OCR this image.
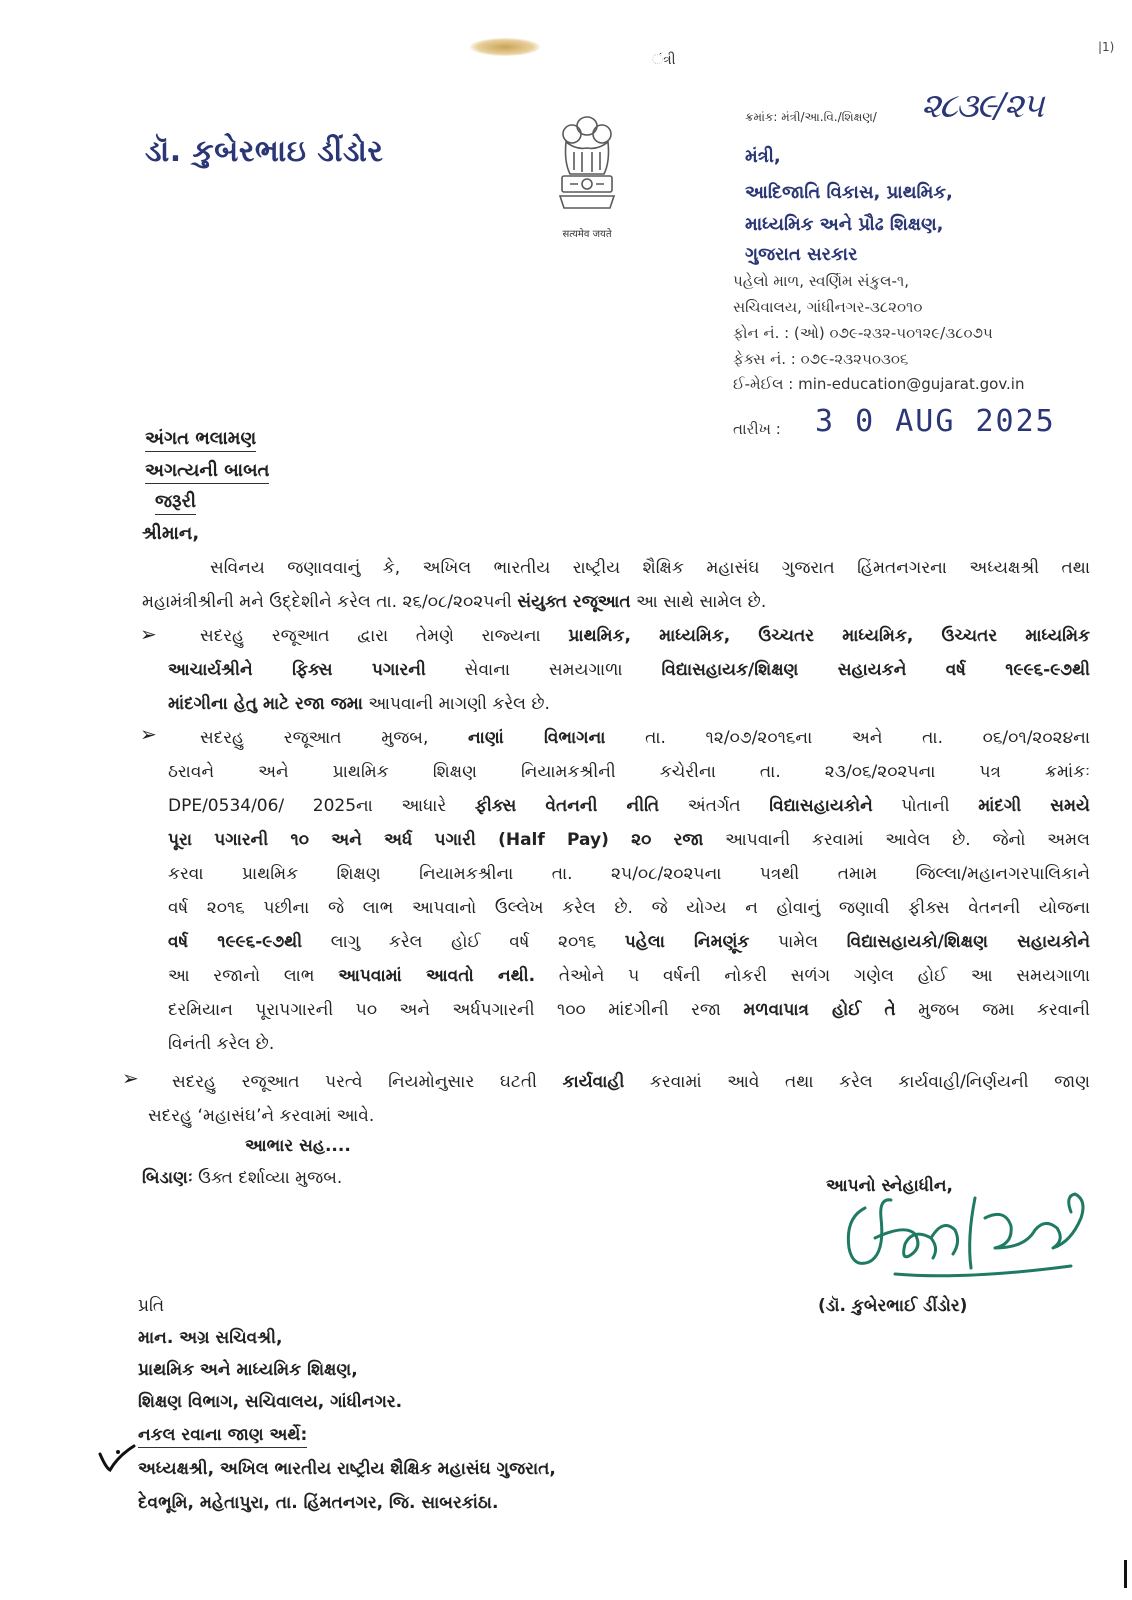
ંત્રી
|1)
ડૉ. કુબેરભાઇ ડીંડોર
सत्यमेव जयते
ક્રમાંક: મંત્રી/આ.વિ./શિક્ષણ/ ૨૮૩૯/૨૫
મંત્રી,
આદિજાતિ વિકાસ, પ્રાથમિક,
માધ્યમિક અને પ્રૌઢ શિક્ષણ,
ગુજરાત સરકાર
પહેલો માળ, સ્વર્ણિમ સંકુલ-૧,
સચિવાલય, ગાંધીનગર-૩૮૨૦૧૦
ફોન નં. : (ઓ) ૦૭૯-૨૩૨-૫૦૧૨૯/૩૮૦૭૫
ફેક્સ નં. : ૦૭૯-૨૩૨૫૦૩૦૬
ઈ-મેઈલ : min-education@gujarat.gov.in
તારીખ : 3 0 AUG 2025
અંગત ભલામણ
અગત્યની બાબત
જરૂરી
શ્રીમાન,
સવિનય જણાવવાનું કે, અખિલ ભારતીય રાષ્ટ્રીય શૈક્ષિક મહાસંઘ ગુજરાત હિંમતનગરના અધ્યક્ષશ્રી તથા
મહામંત્રીશ્રીની મને ઉદ્દેશીને કરેલ તા. ૨૬/૦૮/૨૦૨૫ની સંયુક્ત રજૂઆત આ સાથે સામેલ છે.
➢	સદરહુ રજૂઆત દ્વારા તેમણે રાજ્યના પ્રાથમિક, માધ્યમિક, ઉચ્ચતર માધ્યમિક, ઉચ્ચતર માધ્યમિક
આચાર્યશ્રીને ફિક્સ પગારની સેવાના સમયગાળા વિદ્યાસહાયક/શિક્ષણ સહાયકને વર્ષ ૧૯૯૬-૯૭થી
માંદગીના હેતુ માટે રજા જમા આપવાની માગણી કરેલ છે.
➢	સદરહુ રજૂઆત મુજબ, નાણાં વિભાગના તા. ૧૨/૦૭/૨૦૧૬ના અને તા. ૦૬/૦૧/૨૦૨૪ના
ઠરાવને અને પ્રાથમિક શિક્ષણ નિયામકશ્રીની કચેરીના તા. ૨૩/૦૬/૨૦૨૫ના પત્ર ક્રમાંકઃ
DPE/0534/06/ 2025ના આધારે ફીક્સ વેતનની નીતિ અંતર્ગત વિદ્યાસહાયકોને પોતાની માંદગી સમયે
પૂરા પગારની ૧૦ અને અર્ધ પગારી (Half Pay) ૨૦ રજા આપવાની કરવામાં આવેલ છે. જેનો અમલ
કરવા પ્રાથમિક શિક્ષણ નિયામકશ્રીના તા. ૨૫/૦૮/૨૦૨૫ના પત્રથી તમામ જિલ્લા/મહાનગરપાલિકાને
વર્ષ ૨૦૧૬ પછીના જે લાભ આપવાનો ઉલ્લેખ કરેલ છે. જે યોગ્ય ન હોવાનું જણાવી ફીક્સ વેતનની યોજના
વર્ષ ૧૯૯૬-૯૭થી લાગુ કરેલ હોઈ વર્ષ ૨૦૧૬ પહેલા નિમણૂંક પામેલ વિદ્યાસહાયકો/શિક્ષણ સહાયકોને
આ રજાનો લાભ આપવામાં આવતો નથી. તેઓને ૫ વર્ષની નોકરી સળંગ ગણેલ હોઈ આ સમયગાળા
દરમિયાન પૂરાપગારની ૫૦ અને અર્ધપગારની ૧૦૦ માંદગીની રજા મળવાપાત્ર હોઈ તે મુજબ જમા કરવાની
વિનંતી કરેલ છે.
➢ સદરહુ રજૂઆત પરત્વે નિયમોનુસાર ઘટતી કાર્યવાહી કરવામાં આવે તથા કરેલ કાર્યવાહી/નિર્ણયની જાણ
સદરહુ ‘મહાસંઘ’ને કરવામાં આવે.
આભાર સહ....
બિડાણઃ ઉક્ત દર્શાવ્યા મુજબ.	આપનો સ્નેહાધીન,
(ડૉ. કુબેરભાઈ ડીંડોર)
પ્રતિ
માન. અગ્ર સચિવશ્રી,
પ્રાથમિક અને માધ્યમિક શિક્ષણ,
શિક્ષણ વિભાગ, સચિવાલય, ગાંધીનગર.
નકલ રવાના જાણ અર્થે:
અધ્યક્ષશ્રી, અખિલ ભારતીય રાષ્ટ્રીય શૈક્ષિક મહાસંઘ ગુજરાત,
દેવભૂમિ, મહેતાપુરા, તા. હિંમતનગર, જિ. સાબરકાંઠા.
